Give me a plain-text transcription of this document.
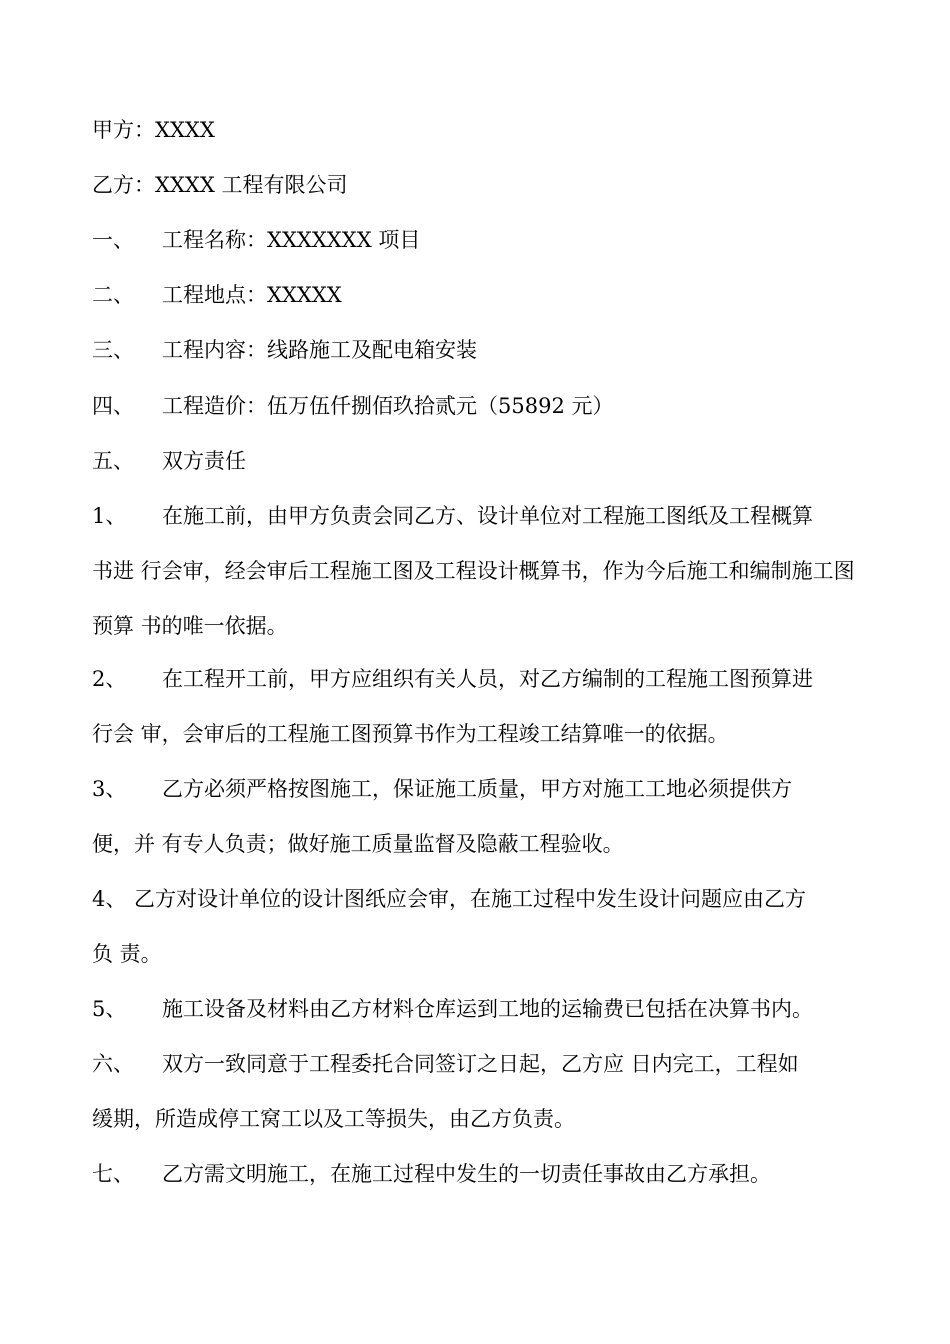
甲方：XXXX
乙方：XXXX 工程有限公司
一、 工程名称：XXXXXXX 项目
二、 工程地点：XXXXX
三、 工程内容：线路施工及配电箱安装
四、 工程造价：伍万伍仟捌佰玖拾贰元（55892 元）
五、 双方责任
1、 在施工前，由甲方负责会同乙方、设计单位对工程施工图纸及工程概算
书进 行会审，经会审后工程施工图及工程设计概算书，作为今后施工和编制施工图
预算 书的唯一依据。
2、 在工程开工前，甲方应组织有关人员，对乙方编制的工程施工图预算进
行会 审，会审后的工程施工图预算书作为工程竣工结算唯一的依据。
3、 乙方必须严格按图施工，保证施工质量，甲方对施工工地必须提供方
便，并 有专人负责；做好施工质量监督及隐蔽工程验收。
4、 乙方对设计单位的设计图纸应会审，在施工过程中发生设计问题应由乙方
负 责。
5、 施工设备及材料由乙方材料仓库运到工地的运输费已包括在决算书内。
六、 双方一致同意于工程委托合同签订之日起，乙方应 日内完工，工程如
缓期，所造成停工窝工以及工等损失，由乙方负责。
七、 乙方需文明施工，在施工过程中发生的一切责任事故由乙方承担。
